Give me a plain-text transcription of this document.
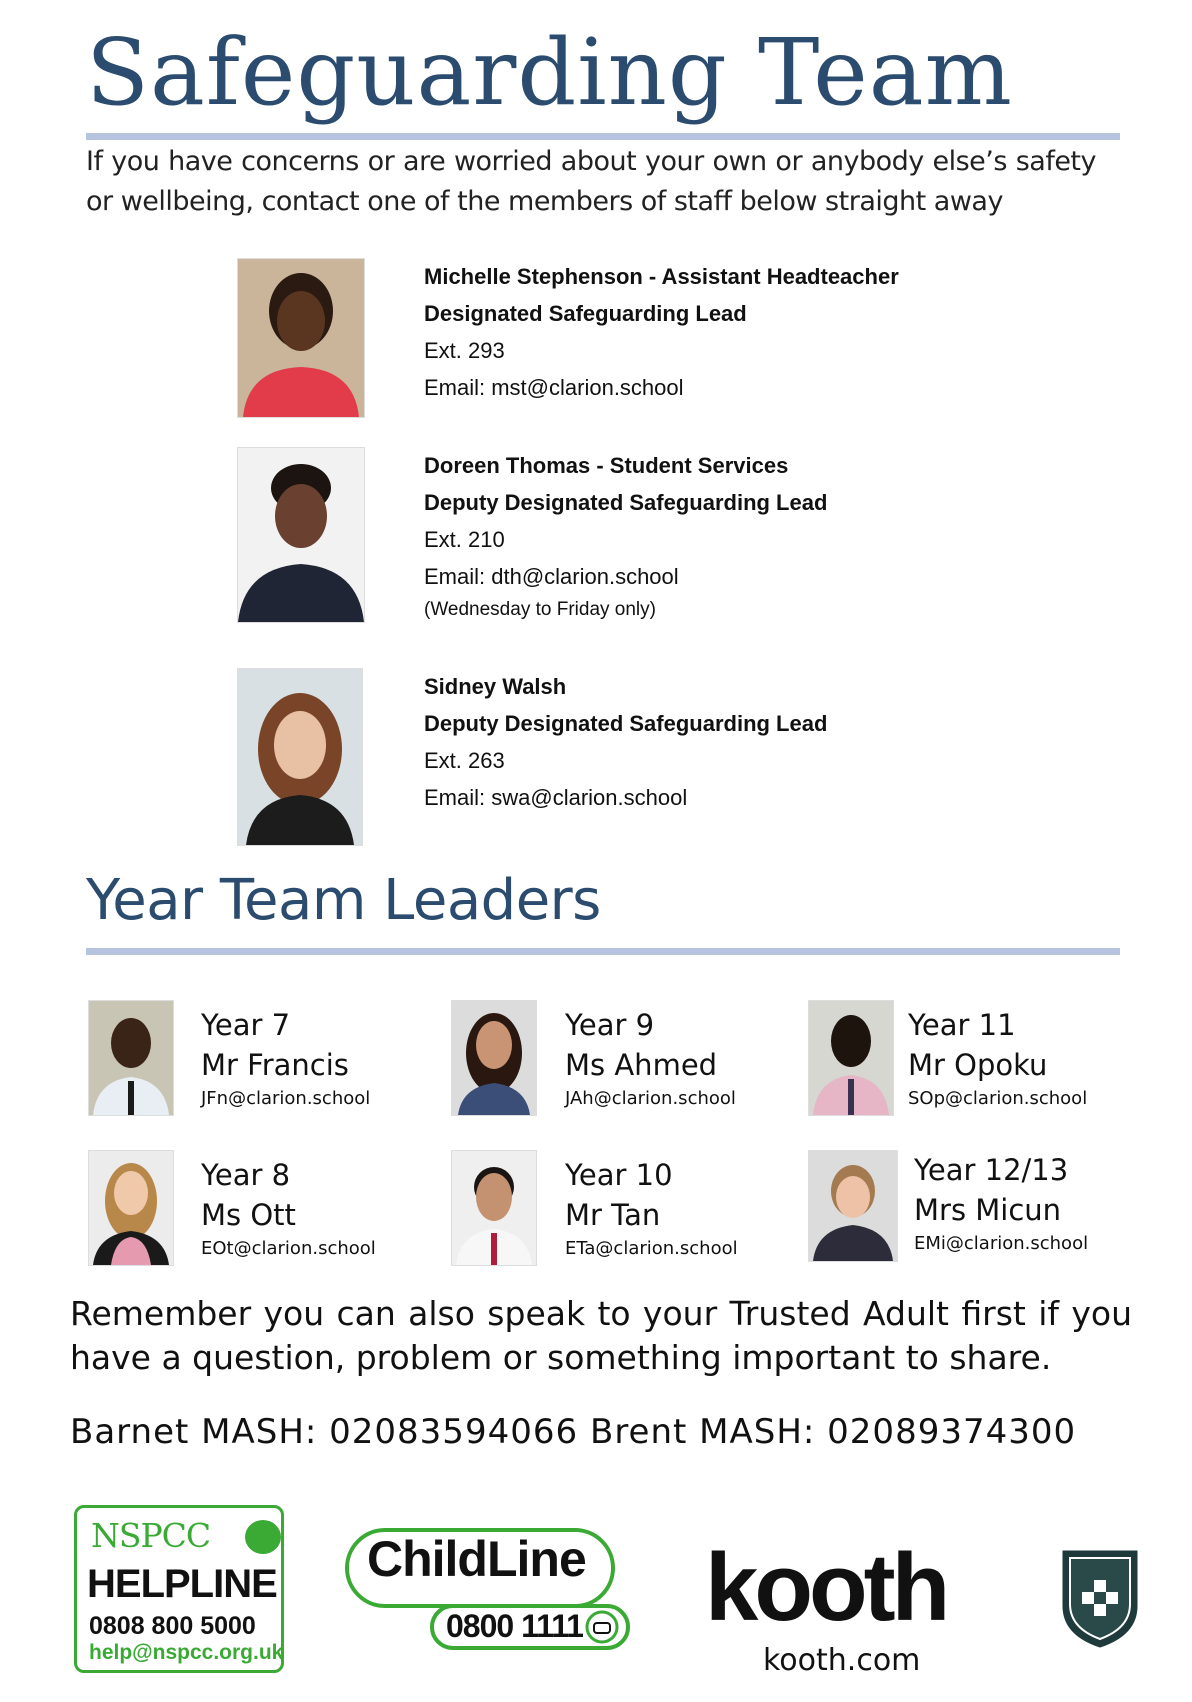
Safeguarding Team
If you have concerns or are worried about your own or anybody else’s safety or wellbeing, contact one of the members of staff below straight away
Michelle Stephenson - Assistant Headteacher
Designated Safeguarding Lead
Ext. 293
Email: mst@clarion.school
Doreen Thomas - Student Services
Deputy Designated Safeguarding Lead
Ext. 210
Email: dth@clarion.school
(Wednesday to Friday only)
Sidney Walsh
Deputy Designated Safeguarding Lead
Ext. 263
Email: swa@clarion.school
Year Team Leaders
Year 7
Mr Francis
JFn@clarion.school
Year 9
Ms Ahmed
JAh@clarion.school
Year 11
Mr Opoku
SOp@clarion.school
Year 8
Ms Ott
EOt@clarion.school
Year 10
Mr Tan
ETa@clarion.school
Year 12/13
Mrs Micun
EMi@clarion.school
Remember you can also speak to your Trusted Adult first if you have a question, problem or something important to share.
Barnet MASH: 02083594066 Brent MASH: 02089374300
NSPCC
HELPLINE
0808 800 5000
help@nspcc.org.uk
ChildLine
0800 1111 kooth
kooth.com
